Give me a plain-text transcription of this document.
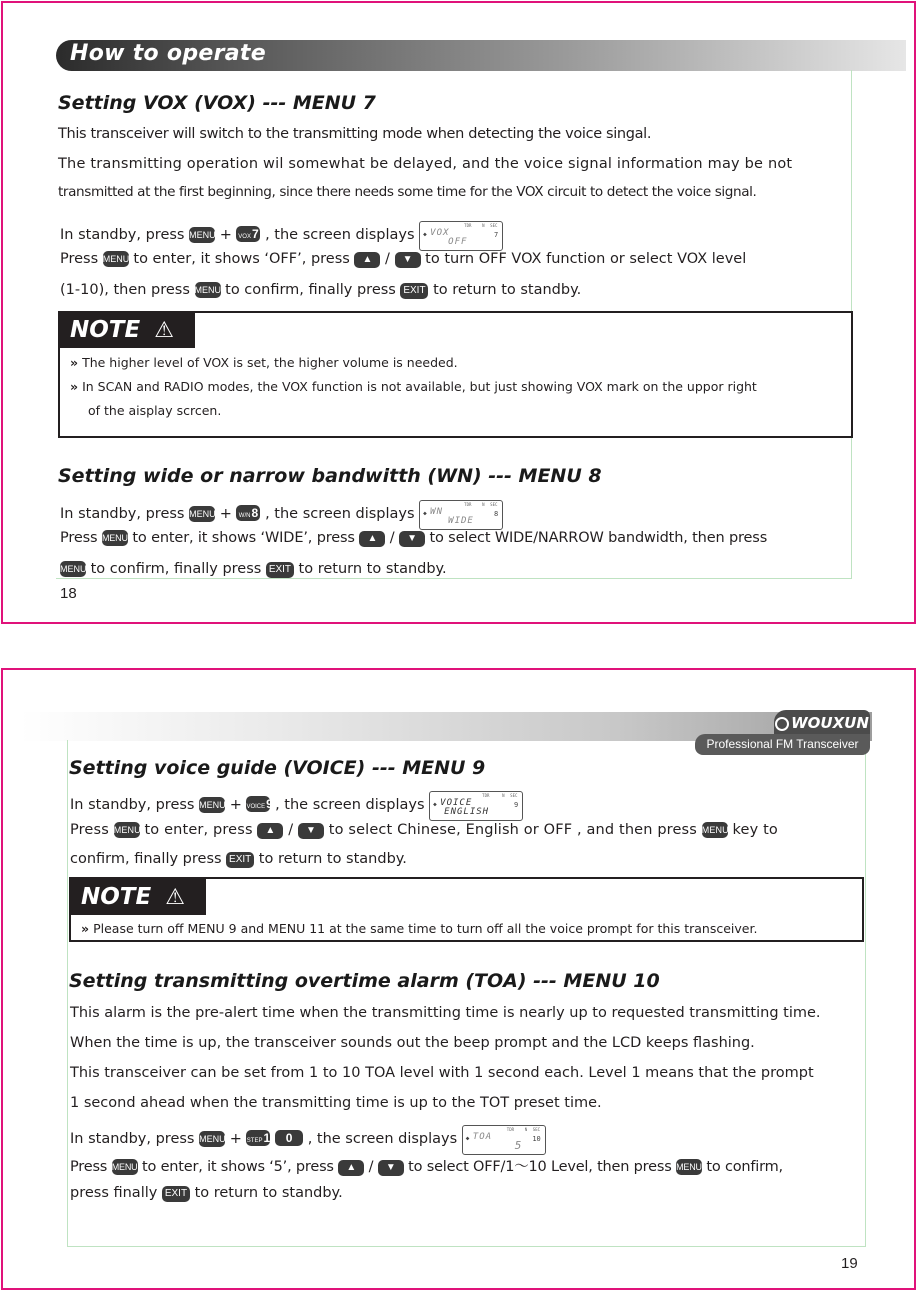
How to operate
Setting VOX (VOX) --- MENU 7
This transceiver will switch to the transmitting mode when detecting the voice singal.
The transmitting operation wil somewhat be delayed, and the voice signal information may be not
transmitted at the first beginning, since there needs some time for the VOX circuit to detect the voice signal.
In standby, press MENU + VOX7 , the screen displays
TDR	N SEC
◆ VOX
OFF
7
Press MENU to enter, it shows ‘OFF’, press ▲ / ▼ to turn OFF VOX function or select VOX level
(1-10), then press MENU to confirm, finally press EXIT to return to standby.
NOTE ⚠
» The higher level of VOX is set, the higher volume is needed.
» In SCAN and RADIO modes, the VOX function is not available, but just showing VOX mark on the uppor right
of the aisplay scrcen.
Setting wide or narrow bandwitth (WN) --- MENU 8
In standby, press MENU + W/N8 , the screen displays
TDR	N SEC
◆ WN
WIDE
8
Press MENU to enter, it shows ‘WIDE’, press ▲ / ▼ to select WIDE/NARROW bandwidth, then press
MENU to confirm, finally press EXIT to return to standby.
18
WOUXUN
Professional FM Transceiver
Setting voice guide (VOICE) --- MENU 9
In standby, press MENU + VOICE9 , the screen displays
TDR	N SEC
◆ VOICE
ENGLISH
9
Press MENU to enter, press ▲ / ▼ to select Chinese, English or OFF , and then press MENU key to
confirm, finally press EXIT to return to standby.
NOTE ⚠
» Please turn off MENU 9 and MENU 11 at the same time to turn off all the voice prompt for this transceiver.
Setting transmitting overtime alarm (TOA) --- MENU 10
This alarm is the pre-alert time when the transmitting time is nearly up to requested transmitting time.
When the time is up, the transceiver sounds out the beep prompt and the LCD keeps flashing.
This transceiver can be set from 1 to 10 TOA level with 1 second each. Level 1 means that the prompt
1 second ahead when the transmitting time is up to the TOT preset time.
In standby, press MENU + STEP1 0 , the screen displays
TDR	N SEC
◆ TOA
5 10
Press MENU to enter, it shows ‘5’, press ▲ / ▼ to select OFF/1～10 Level, then press MENU to confirm,
press finally EXIT to return to standby.
19
